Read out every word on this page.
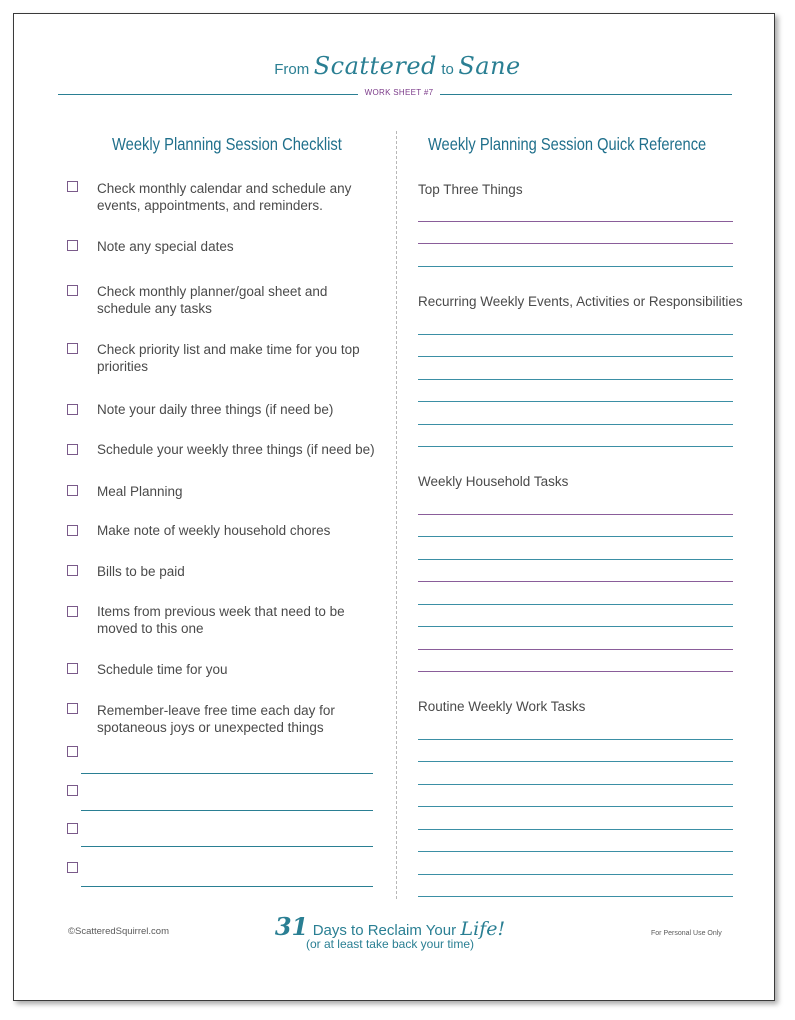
From Scattered to Sane
WORK SHEET #7
Weekly Planning Session Checklist
Check monthly calendar and schedule any events, appointments, and reminders.
Note any special dates
Check monthly planner/goal sheet and schedule any tasks
Check priority list and make time for you top priorities
Note your daily three things (if need be)
Schedule your weekly three things (if need be)
Meal Planning
Make note of weekly household chores
Bills to be paid
Items from previous week that need to be moved to this one
Schedule time for you
Remember-leave free time each day for spotaneous joys or unexpected things
Weekly Planning Session Quick Reference
Top Three Things
Recurring Weekly Events, Activities or Responsibilities
Weekly Household Tasks
Routine Weekly Work Tasks
©ScatteredSquirrel.com	31 Days to Reclaim Your Life!
(or at least take back your time)
For Personal Use Only
